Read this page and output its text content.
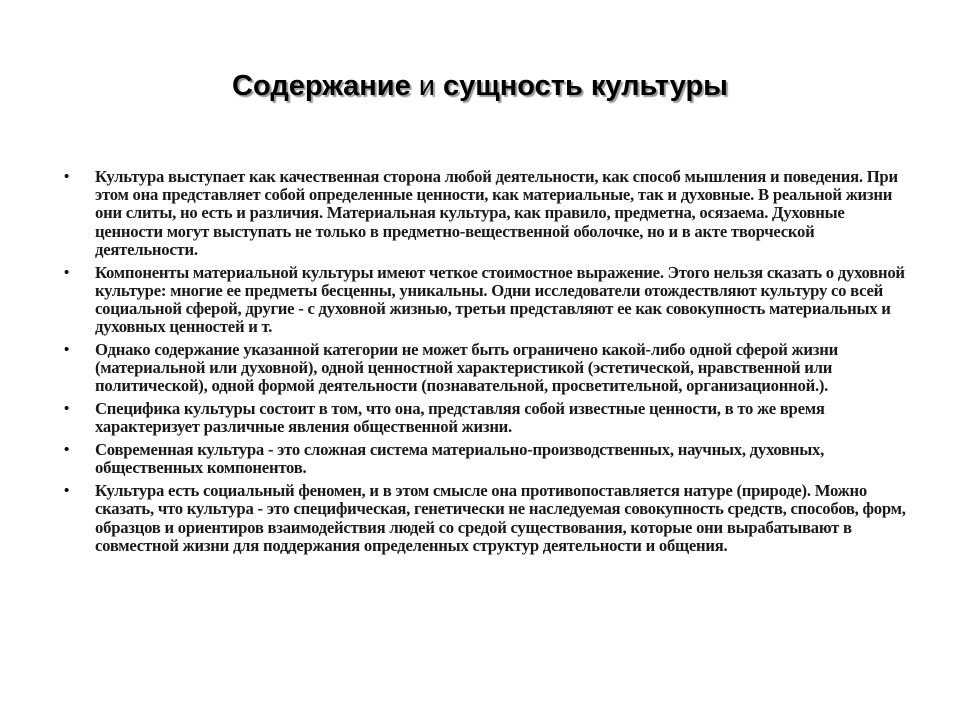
Содержание и сущность культуры
• Культура выступает как качественная сторона любой деятельности, как способ мышления и поведения. При этом она представляет собой определенные ценности, как материальные, так и духовные. В реальной жизни они слиты, но есть и различия. Материальная культура, как правило, предметна, осязаема. Духовные ценности могут выступать не только в предметно-вещественной оболочке, но и в акте творческой деятельности.
• Компоненты материальной культуры имеют четкое стоимостное выражение. Этого нельзя сказать о духовной культуре: многие ее предметы бесценны, уникальны. Одни исследователи отождествляют культуру со всей социальной сферой, другие - с духовной жизнью, третьи представляют ее как совокупность материальных и духовных ценностей и т.
• Однако содержание указанной категории не может быть ограничено какой-либо одной сферой жизни (материальной или духовной), одной ценностной характеристикой (эстетической, нравственной или политической), одной формой деятельности (познавательной, просветительной, организационной.).
• Специфика культуры состоит в том, что она, представляя собой известные ценности, в то же время характеризует различные явления общественной жизни.
• Современная культура - это сложная система материально-производственных, научных, духовных, общественных компонентов.
• Культура есть социальный феномен, и в этом смысле она противопоставляется натуре (природе). Можно сказать, что культура - это специфическая, генетически не наследуемая совокупность средств, способов, форм, образцов и ориентиров взаимодействия людей со средой существования, которые они вырабатывают в совместной жизни для поддержания определенных структур деятельности и общения.
